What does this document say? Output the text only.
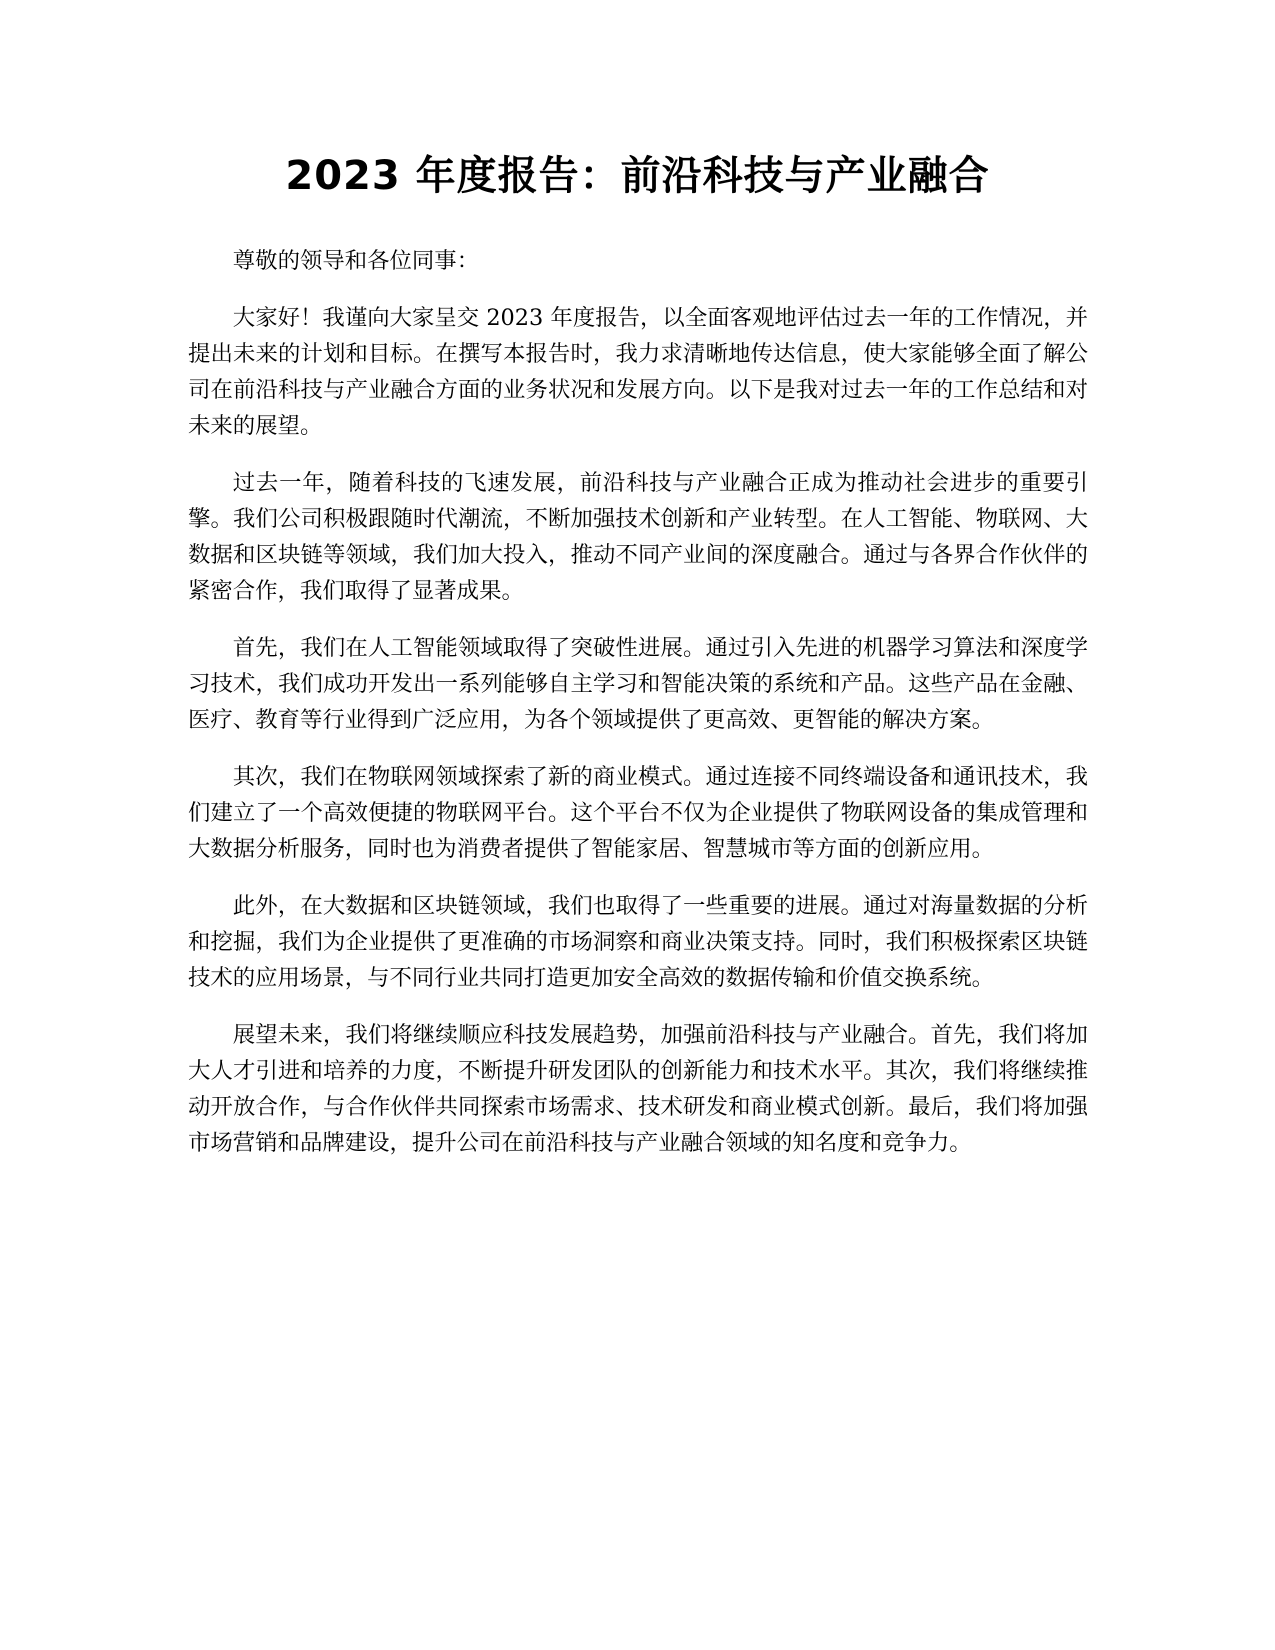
2023 年度报告：前沿科技与产业融合

尊敬的领导和各位同事：

大家好！我谨向大家呈交 2023 年度报告，以全面客观地评估过去一年的工作情况，并提出未来的计划和目标。在撰写本报告时，我力求清晰地传达信息，使大家能够全面了解公司在前沿科技与产业融合方面的业务状况和发展方向。以下是我对过去一年的工作总结和对未来的展望。

过去一年，随着科技的飞速发展，前沿科技与产业融合正成为推动社会进步的重要引擎。我们公司积极跟随时代潮流，不断加强技术创新和产业转型。在人工智能、物联网、大数据和区块链等领域，我们加大投入，推动不同产业间的深度融合。通过与各界合作伙伴的紧密合作，我们取得了显著成果。

首先，我们在人工智能领域取得了突破性进展。通过引入先进的机器学习算法和深度学习技术，我们成功开发出一系列能够自主学习和智能决策的系统和产品。这些产品在金融、医疗、教育等行业得到广泛应用，为各个领域提供了更高效、更智能的解决方案。

其次，我们在物联网领域探索了新的商业模式。通过连接不同终端设备和通讯技术，我们建立了一个高效便捷的物联网平台。这个平台不仅为企业提供了物联网设备的集成管理和大数据分析服务，同时也为消费者提供了智能家居、智慧城市等方面的创新应用。

此外，在大数据和区块链领域，我们也取得了一些重要的进展。通过对海量数据的分析和挖掘，我们为企业提供了更准确的市场洞察和商业决策支持。同时，我们积极探索区块链技术的应用场景，与不同行业共同打造更加安全高效的数据传输和价值交换系统。

展望未来，我们将继续顺应科技发展趋势，加强前沿科技与产业融合。首先，我们将加大人才引进和培养的力度，不断提升研发团队的创新能力和技术水平。其次，我们将继续推动开放合作，与合作伙伴共同探索市场需求、技术研发和商业模式创新。最后，我们将加强市场营销和品牌建设，提升公司在前沿科技与产业融合领域的知名度和竞争力。
